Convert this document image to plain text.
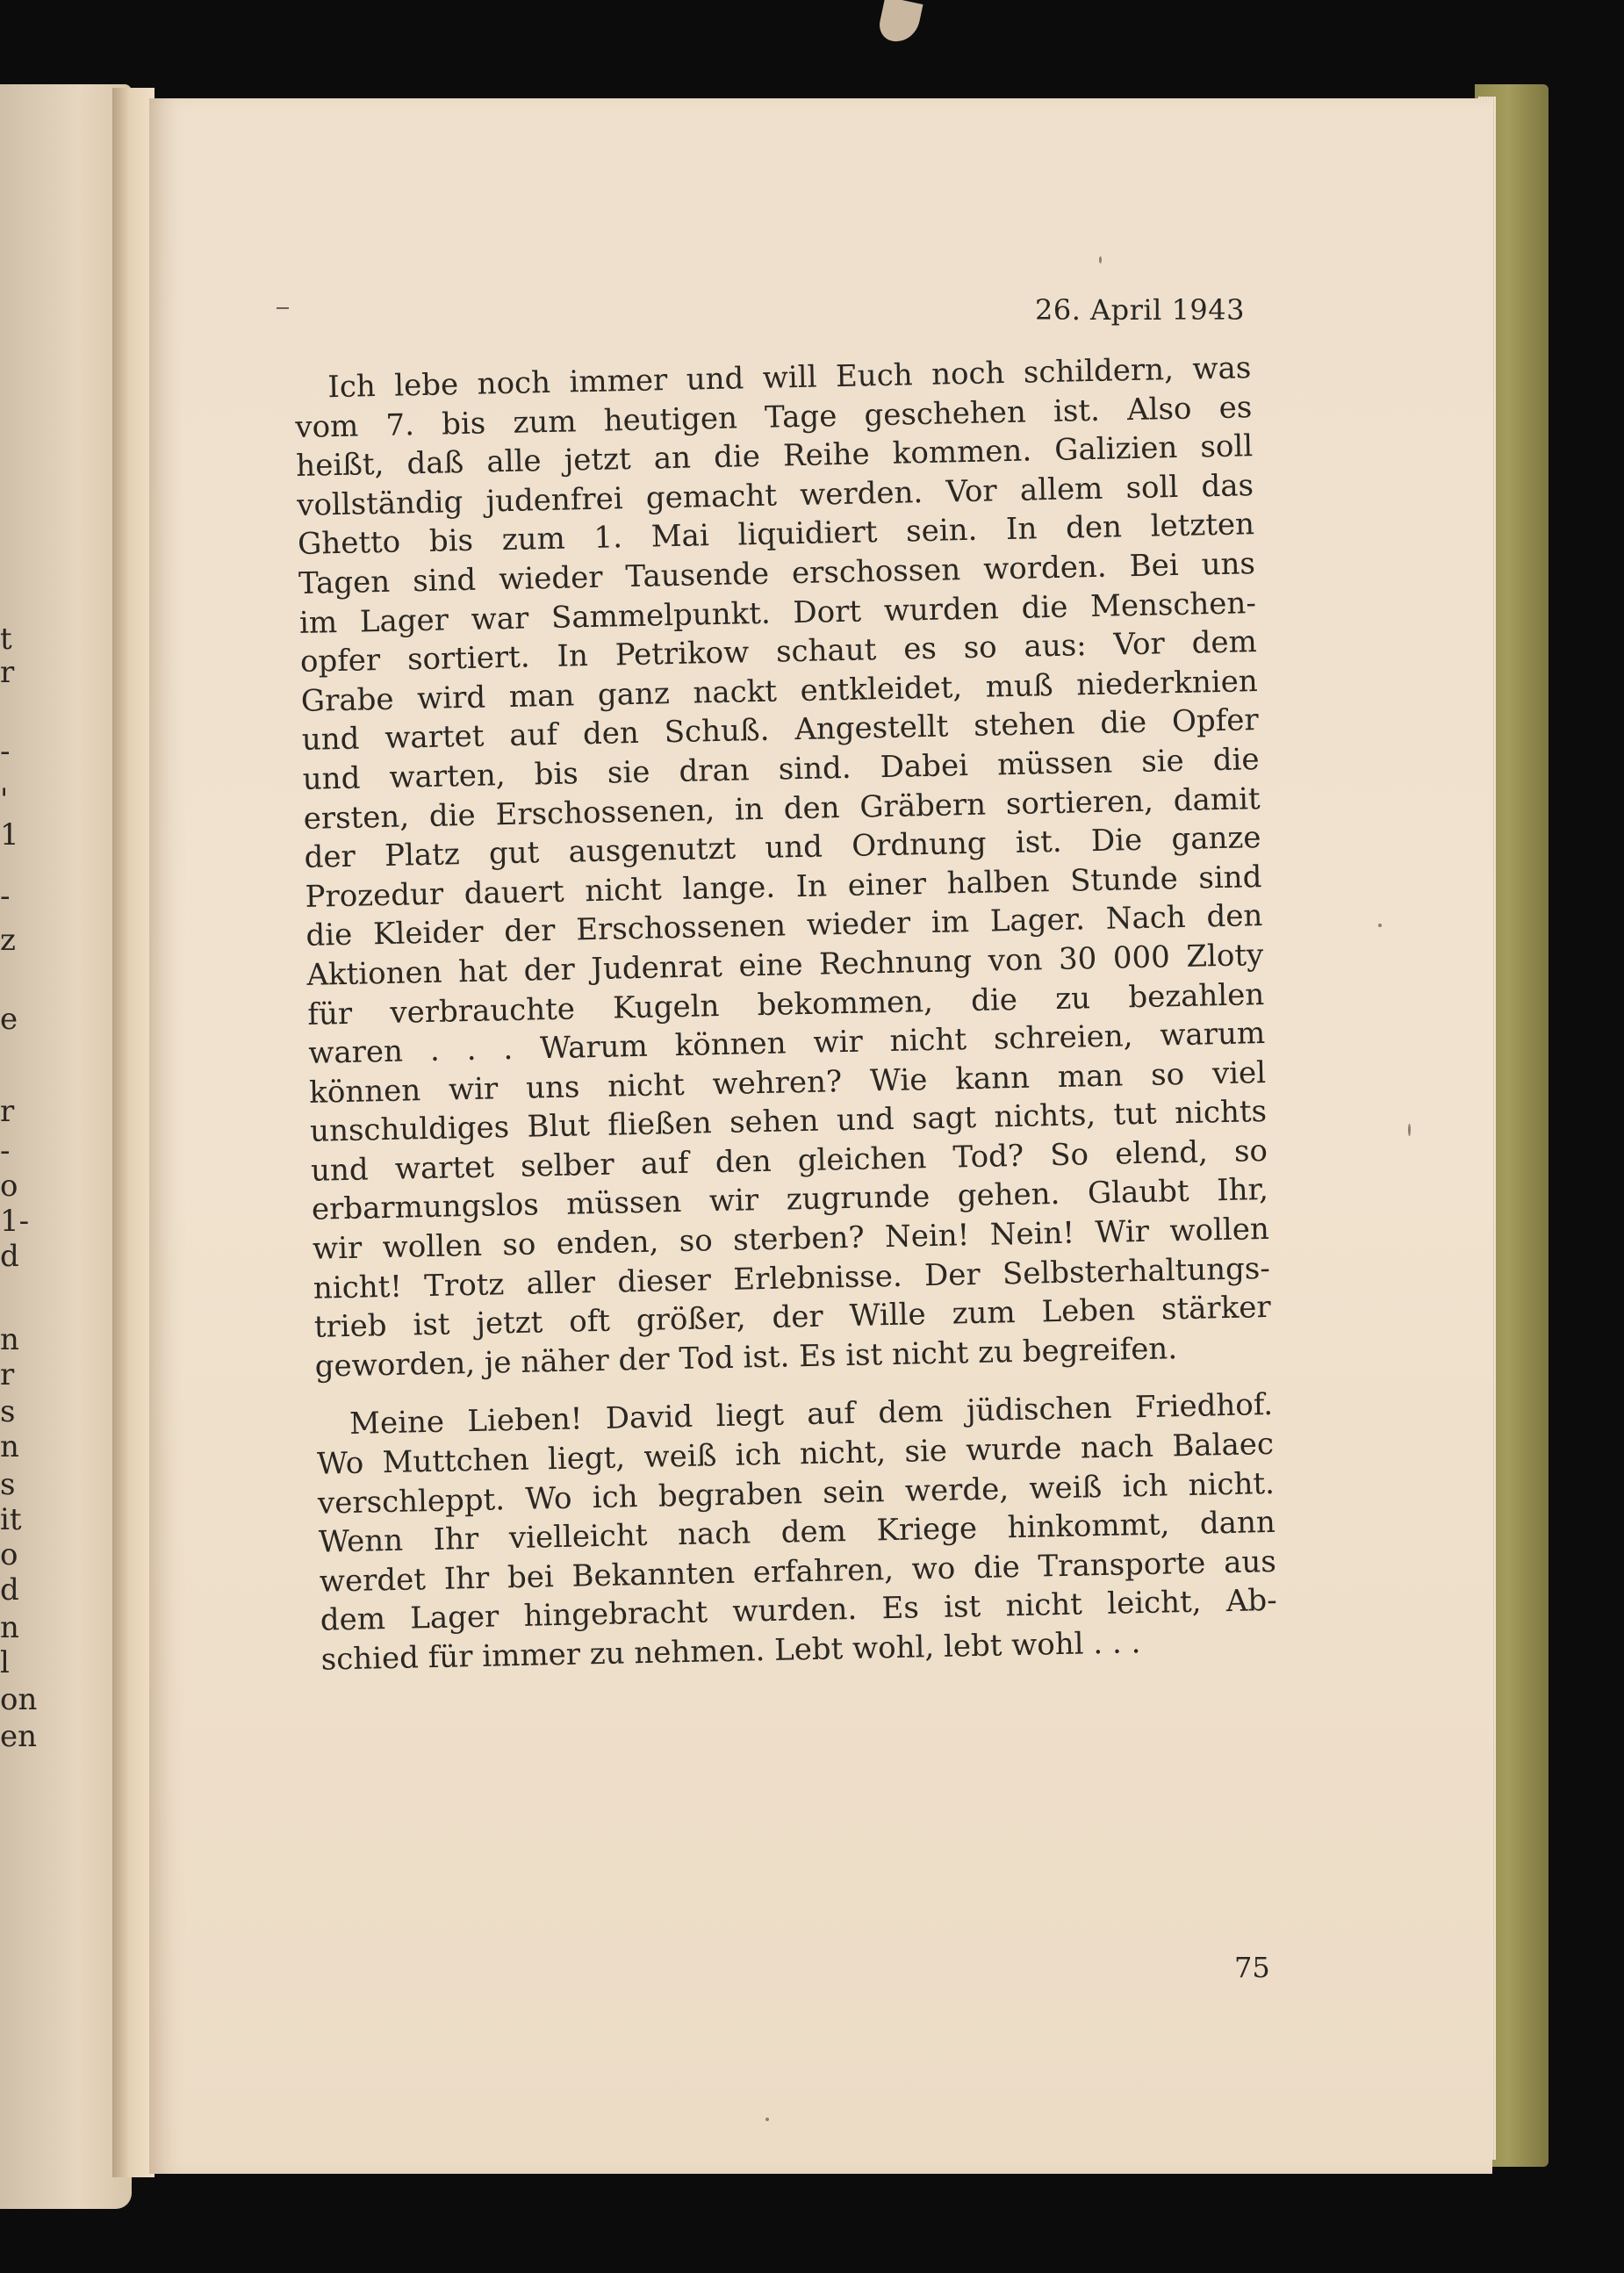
t
r
-
'
1
-
z
e
r
-
o
1-
d
n
r
s
n
s
it
o
d
n
l
on
en
26. April 1943
Ich lebe noch immer und will Euch noch schildern, was
vom 7. bis zum heutigen Tage geschehen ist. Also es
heißt, daß alle jetzt an die Reihe kommen. Galizien soll
vollständig judenfrei gemacht werden. Vor allem soll das
Ghetto bis zum 1. Mai liquidiert sein. In den letzten
Tagen sind wieder Tausende erschossen worden. Bei uns
im Lager war Sammelpunkt. Dort wurden die Menschen-
opfer sortiert. In Petrikow schaut es so aus: Vor dem
Grabe wird man ganz nackt entkleidet, muß niederknien
und wartet auf den Schuß. Angestellt stehen die Opfer
und warten, bis sie dran sind. Dabei müssen sie die
ersten, die Erschossenen, in den Gräbern sortieren, damit
der Platz gut ausgenutzt und Ordnung ist. Die ganze
Prozedur dauert nicht lange. In einer halben Stunde sind
die Kleider der Erschossenen wieder im Lager. Nach den
Aktionen hat der Judenrat eine Rechnung von 30 000 Zloty
für verbrauchte Kugeln bekommen, die zu bezahlen
waren . . . Warum können wir nicht schreien, warum
können wir uns nicht wehren? Wie kann man so viel
unschuldiges Blut fließen sehen und sagt nichts, tut nichts
und wartet selber auf den gleichen Tod? So elend, so
erbarmungslos müssen wir zugrunde gehen. Glaubt Ihr,
wir wollen so enden, so sterben? Nein! Nein! Wir wollen
nicht! Trotz aller dieser Erlebnisse. Der Selbsterhaltungs-
trieb ist jetzt oft größer, der Wille zum Leben stärker
geworden, je näher der Tod ist. Es ist nicht zu begreifen.
Meine Lieben! David liegt auf dem jüdischen Friedhof.
Wo Muttchen liegt, weiß ich nicht, sie wurde nach Balaec
verschleppt. Wo ich begraben sein werde, weiß ich nicht.
Wenn Ihr vielleicht nach dem Kriege hinkommt, dann
werdet Ihr bei Bekannten erfahren, wo die Transporte aus
dem Lager hingebracht wurden. Es ist nicht leicht, Ab-
schied für immer zu nehmen. Lebt wohl, lebt wohl . . .
75
